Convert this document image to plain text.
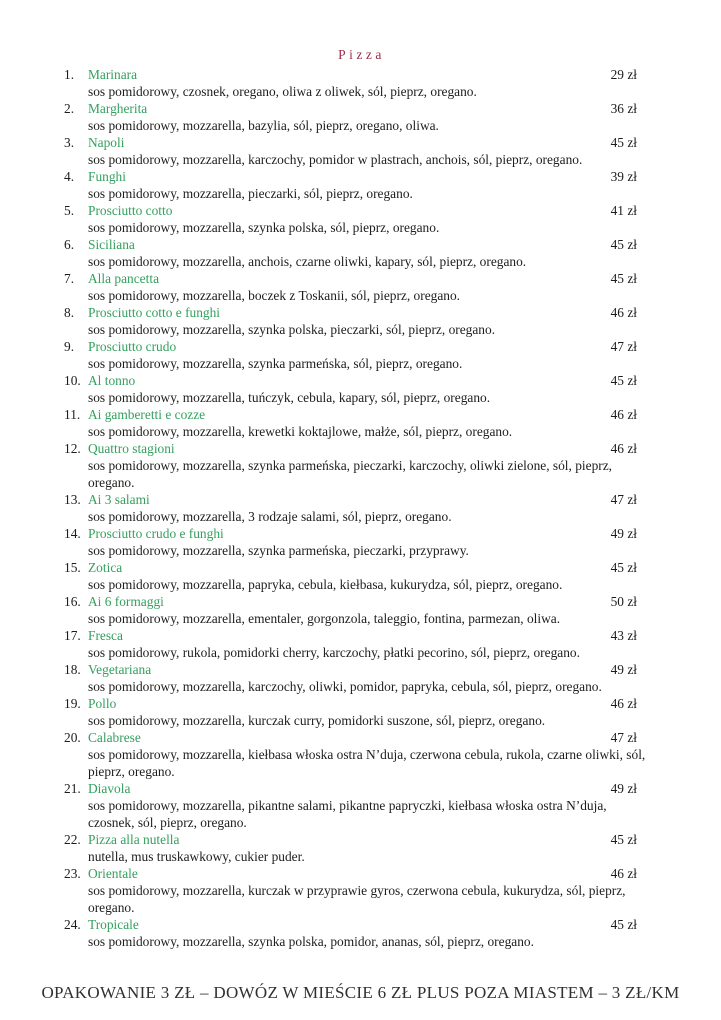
Pizza
1.	Marinara	29 zł
sos pomidorowy, czosnek, oregano, oliwa z oliwek, sól, pieprz, oregano.
2.	Margherita	36 zł
sos pomidorowy, mozzarella, bazylia, sól, pieprz, oregano, oliwa.
3.	Napoli	45 zł
sos pomidorowy, mozzarella, karczochy, pomidor w plastrach, anchois, sól, pieprz, oregano.
4.	Funghi	39 zł
sos pomidorowy, mozzarella, pieczarki, sól, pieprz, oregano.
5.	Prosciutto cotto	41 zł
sos pomidorowy, mozzarella, szynka polska, sól, pieprz, oregano.
6.	Siciliana	45 zł
sos pomidorowy, mozzarella, anchois, czarne oliwki, kapary, sól, pieprz, oregano.
7.	Alla pancetta	45 zł
sos pomidorowy, mozzarella, boczek z Toskanii, sól, pieprz, oregano.
8.	Prosciutto cotto e funghi	46 zł
sos pomidorowy, mozzarella, szynka polska, pieczarki, sól, pieprz, oregano.
9.	Prosciutto crudo	47 zł
sos pomidorowy, mozzarella, szynka parmeńska, sól, pieprz, oregano.
10. Al tonno	45 zł
sos pomidorowy, mozzarella, tuńczyk, cebula, kapary, sól, pieprz, oregano.
11. Ai gamberetti e cozze	46 zł
sos pomidorowy, mozzarella, krewetki koktajlowe, małże, sól, pieprz, oregano.
12. Quattro stagioni	46 zł
sos pomidorowy, mozzarella, szynka parmeńska, pieczarki, karczochy, oliwki zielone, sól, pieprz, oregano.
13. Ai 3 salami	47 zł
sos pomidorowy, mozzarella, 3 rodzaje salami, sól, pieprz, oregano.
14. Prosciutto crudo e funghi	49 zł
sos pomidorowy, mozzarella, szynka parmeńska, pieczarki, przyprawy.
15. Zotica	45 zł
sos pomidorowy, mozzarella, papryka, cebula, kiełbasa, kukurydza, sól, pieprz, oregano.
16. Ai 6 formaggi	50 zł
sos pomidorowy, mozzarella, ementaler, gorgonzola, taleggio, fontina, parmezan, oliwa.
17. Fresca	43 zł
sos pomidorowy, rukola, pomidorki cherry, karczochy, płatki pecorino, sól, pieprz, oregano.
18. Vegetariana	49 zł
sos pomidorowy, mozzarella, karczochy, oliwki, pomidor, papryka, cebula, sól, pieprz, oregano.
19. Pollo	46 zł
sos pomidorowy, mozzarella, kurczak curry, pomidorki suszone, sól, pieprz, oregano.
20. Calabrese	47 zł
sos pomidorowy, mozzarella, kiełbasa włoska ostra N’duja, czerwona cebula, rukola, czarne oliwki, sól, pieprz, oregano.
21. Diavola	49 zł
sos pomidorowy, mozzarella, pikantne salami, pikantne papryczki, kiełbasa włoska ostra N’duja, czosnek, sól, pieprz, oregano.
22. Pizza alla nutella	45 zł
nutella, mus truskawkowy, cukier puder.
23. Orientale	46 zł
sos pomidorowy, mozzarella, kurczak w przyprawie gyros, czerwona cebula, kukurydza, sól, pieprz, oregano.
24. Tropicale	45 zł
sos pomidorowy, mozzarella, szynka polska, pomidor, ananas, sól, pieprz, oregano.
OPAKOWANIE 3 ZŁ – DOWÓZ W MIEŚCIE 6 ZŁ PLUS POZA MIASTEM – 3 ZŁ/KM
